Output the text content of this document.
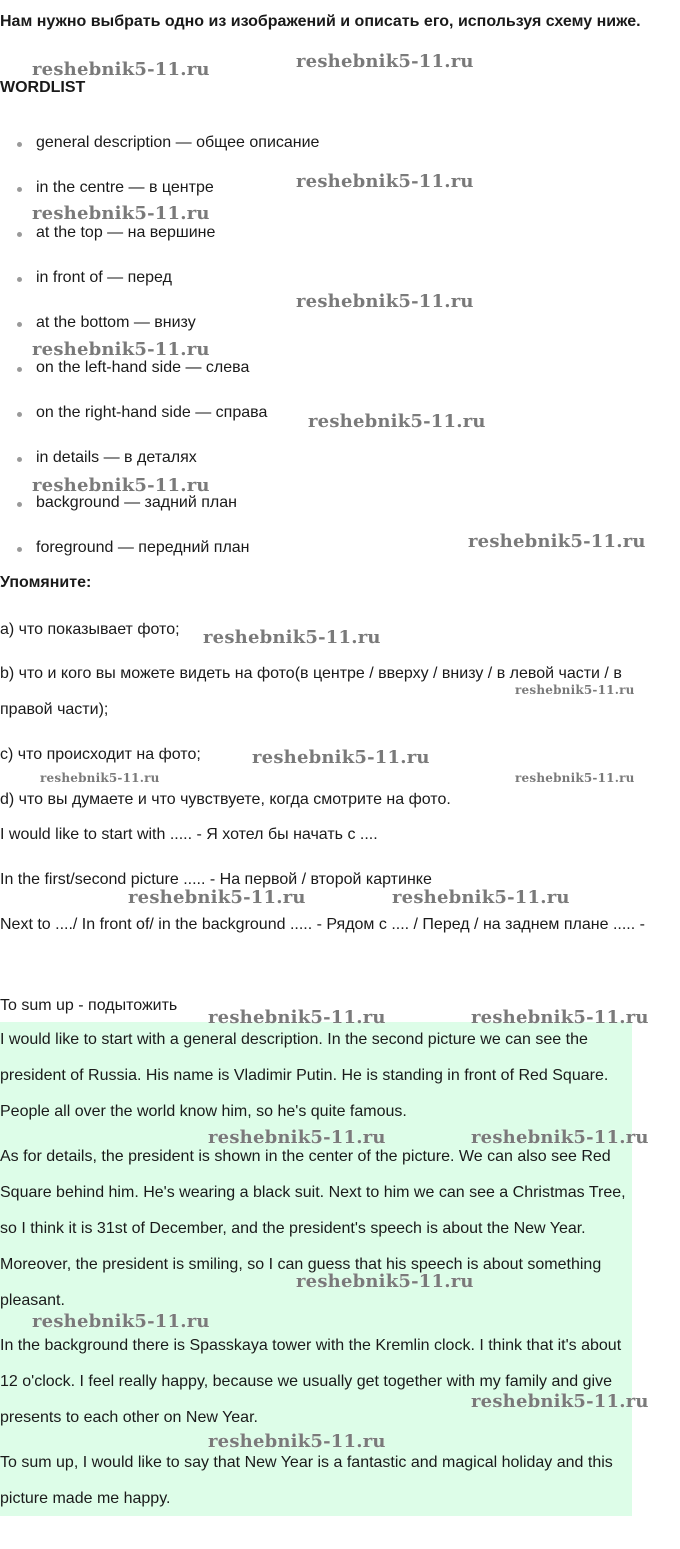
Нам нужно выбрать одно из изображений и описать его, используя схему ниже.

WORDLIST

general description — общее описание
in the centre — в центре
at the top — на вершине
in front of — перед
at the bottom — внизу
on the left-hand side — слева
on the right-hand side — справа
in details — в деталях
background — задний план
foreground — передний план

Упомяните:

a) что показывает фото;

b) что и кого вы можете видеть на фото(в центре / вверху / внизу / в левой части / в правой части);

c) что происходит на фото;

d) что вы думаете и что чувствуете, когда смотрите на фото.

I would like to start with ..... - Я хотел бы начать с ....

In the first/second picture ..... - На первой / второй картинке

Next to ..../ In front of/ in the background ..... - Рядом с .... / Перед / на заднем плане ..... -

To sum up - подытожить

I would like to start with a general description. In the second picture we can see the president of Russia. His name is Vladimir Putin. He is standing in front of Red Square. People all over the world know him, so he's quite famous.

As for details, the president is shown in the center of the picture. We can also see Red Square behind him. He's wearing a black suit. Next to him we can see a Christmas Tree, so I think it is 31st of December, and the president's speech is about the New Year. Moreover, the president is smiling, so I can guess that his speech is about something pleasant.

In the background there is Spasskaya tower with the Kremlin clock. I think that it's about 12 o'clock. I feel really happy, because we usually get together with my family and give presents to each other on New Year.

To sum up, I would like to say that New Year is a fantastic and magical holiday and this picture made me happy.

reshebnik5-11.ru	reshebnik5-11.ru
reshebnik5-11.ru
reshebnik5-11.ru
reshebnik5-11.ru
reshebnik5-11.ru
reshebnik5-11.ru
reshebnik5-11.ru
reshebnik5-11.ru
reshebnik5-11.ru
reshebnik5-11.ru
reshebnik5-11.ru
reshebnik5-11.ru	reshebnik5-11.ru
reshebnik5-11.ru	reshebnik5-11.ru
reshebnik5-11.ru	reshebnik5-11.ru
reshebnik5-11.ru	reshebnik5-11.ru
reshebnik5-11.ru
reshebnik5-11.ru
reshebnik5-11.ru
reshebnik5-11.ru
